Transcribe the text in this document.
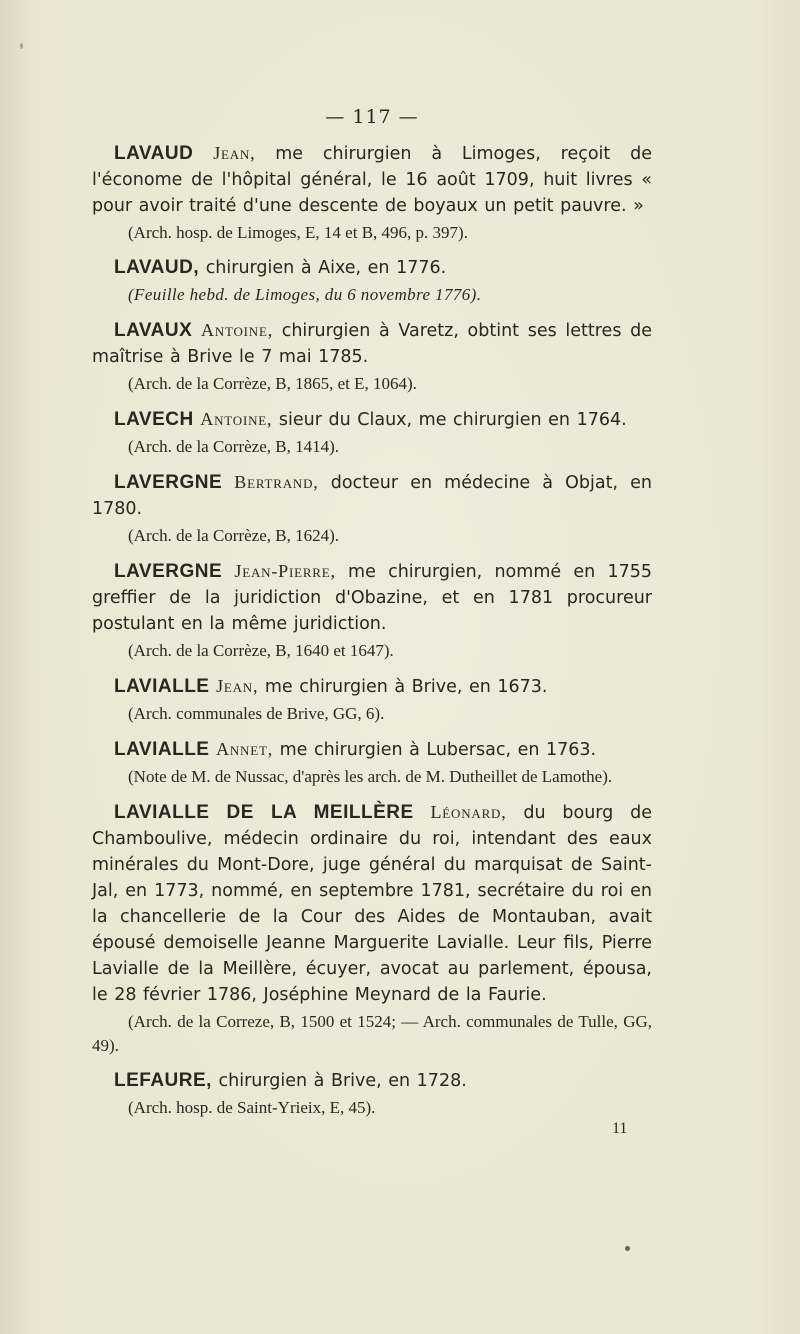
— 117 —

LAVAUD Jean, me chirurgien à Limoges, reçoit de l'économe de l'hôpital général, le 16 août 1709, huit livres « pour avoir traité d'une descente de boyaux un petit pauvre. »

(Arch. hosp. de Limoges, E, 14 et B, 496, p. 397).

LAVAUD, chirurgien à Aixe, en 1776.

(Feuille hebd. de Limoges, du 6 novembre 1776).

LAVAUX Antoine, chirurgien à Varetz, obtint ses lettres de maîtrise à Brive le 7 mai 1785.

(Arch. de la Corrèze, B, 1865, et E, 1064).

LAVECH Antoine, sieur du Claux, me chirurgien en 1764.

(Arch. de la Corrèze, B, 1414).

LAVERGNE Bertrand, docteur en médecine à Objat, en 1780.

(Arch. de la Corrèze, B, 1624).

LAVERGNE Jean-Pierre, me chirurgien, nommé en 1755 greffier de la juridiction d'Obazine, et en 1781 procureur postulant en la même juridiction.

(Arch. de la Corrèze, B, 1640 et 1647).

LAVIALLE Jean, me chirurgien à Brive, en 1673.

(Arch. communales de Brive, GG, 6).

LAVIALLE Annet, me chirurgien à Lubersac, en 1763.

(Note de M. de Nussac, d'après les arch. de M. Dutheillet de Lamothe).

LAVIALLE DE LA MEILLÈRE Léonard, du bourg de Chamboulive, médecin ordinaire du roi, intendant des eaux minérales du Mont-Dore, juge général du marquisat de Saint-Jal, en 1773, nommé, en septembre 1781, secrétaire du roi en la chancellerie de la Cour des Aides de Montauban, avait épousé demoiselle Jeanne Marguerite Lavialle. Leur fils, Pierre Lavialle de la Meillère, écuyer, avocat au parlement, épousa, le 28 février 1786, Joséphine Meynard de la Faurie.

(Arch. de la Correze, B, 1500 et 1524; — Arch. communales de Tulle, GG, 49).

LEFAURE, chirurgien à Brive, en 1728.

(Arch. hosp. de Saint-Yrieix, E, 45).

11
